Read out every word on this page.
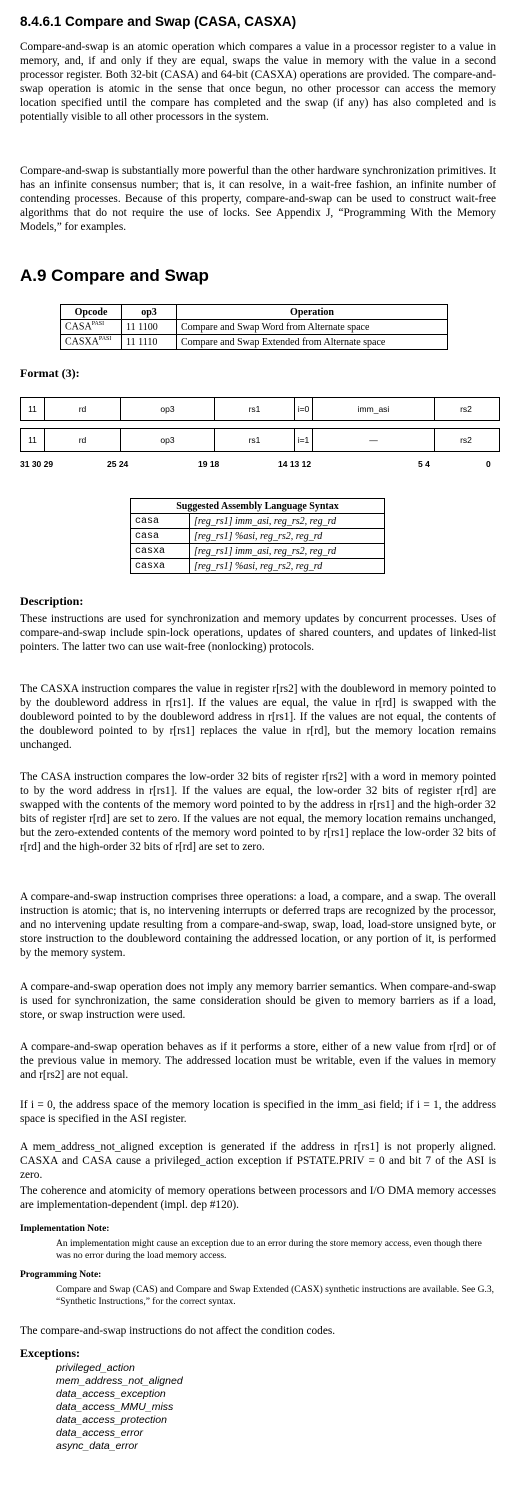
8.4.6.1 Compare and Swap (CASA, CASXA)

Compare-and-swap is an atomic operation which compares a value in a processor register to a value in memory, and, if and only if they are equal, swaps the value in memory with the value in a second processor register. Both 32-bit (CASA) and 64-bit (CASXA) operations are provided. The compare-and-swap operation is atomic in the sense that once begun, no other processor can access the memory location specified until the compare has completed and the swap (if any) has also completed and is potentially visible to all other processors in the system.

Compare-and-swap is substantially more powerful than the other hardware synchronization primitives. It has an infinite consensus number; that is, it can resolve, in a wait-free fashion, an infinite number of contending processes. Because of this property, compare-and-swap can be used to construct wait-free algorithms that do not require the use of locks. See Appendix J, “Programming With the Memory Models,” for examples.

A.9 Compare and Swap
Opcode	op3	Operation
$CASA^{PASI}$	11 1100	Compare and Swap Word from Alternate space
$CASXA^{PASI}$	11 1110	Compare and Swap Extended from Alternate space
Format (3):
11	rd	op3	rs1	i=0	imm_asi	rs2
11	rd	op3	rs1	i=1	—	rs2
31 30 29	25 24	19 18	14 13 12	5 4	0
Suggested Assembly Language Syntax	
casa	[reg_rs1] imm_asi, reg_rs2, reg_rd
casa	[reg_rs1] %asi, reg_rs2, reg_rd
casxa	[reg_rs1] imm_asi, reg_rs2, reg_rd
casxa	[reg_rs1] %asi, reg_rs2, reg_rd
Description:

These instructions are used for synchronization and memory updates by concurrent processes. Uses of compare-and-swap include spin-lock operations, updates of shared counters, and updates of linked-list pointers. The latter two can use wait-free (nonlocking) protocols.

The CASXA instruction compares the value in register r[rs2] with the doubleword in memory pointed to by the doubleword address in r[rs1]. If the values are equal, the value in r[rd] is swapped with the doubleword pointed to by the doubleword address in r[rs1]. If the values are not equal, the contents of the doubleword pointed to by r[rs1] replaces the value in r[rd], but the memory location remains unchanged.

The CASA instruction compares the low-order 32 bits of register r[rs2] with a word in memory pointed to by the word address in r[rs1]. If the values are equal, the low-order 32 bits of register r[rd] are swapped with the contents of the memory word pointed to by the address in r[rs1] and the high-order 32 bits of register r[rd] are set to zero. If the values are not equal, the memory location remains unchanged, but the zero-extended contents of the memory word pointed to by r[rs1] replace the low-order 32 bits of r[rd] and the high-order 32 bits of r[rd] are set to zero.

A compare-and-swap instruction comprises three operations: a load, a compare, and a swap. The overall instruction is atomic; that is, no intervening interrupts or deferred traps are recognized by the processor, and no intervening update resulting from a compare-and-swap, swap, load, load-store unsigned byte, or store instruction to the doubleword containing the addressed location, or any portion of it, is performed by the memory system.

A compare-and-swap operation does not imply any memory barrier semantics. When compare-and-swap is used for synchronization, the same consideration should be given to memory barriers as if a load, store, or swap instruction were used.

A compare-and-swap operation behaves as if it performs a store, either of a new value from r[rd] or of the previous value in memory. The addressed location must be writable, even if the values in memory and r[rs2] are not equal.

If i = 0, the address space of the memory location is specified in the imm_asi field; if i = 1, the address space is specified in the ASI register.

A mem_address_not_aligned exception is generated if the address in r[rs1] is not properly aligned. CASXA and CASA cause a privileged_action exception if PSTATE.PRIV = 0 and bit 7 of the ASI is zero.

The coherence and atomicity of memory operations between processors and I/O DMA memory accesses are implementation-dependent (impl. dep #120).

Implementation Note:
An implementation might cause an exception due to an error during the store memory access, even though there was no error during the load memory access.
Programming Note:
Compare and Swap (CAS) and Compare and Swap Extended (CASX) synthetic instructions are available. See G.3, “Synthetic Instructions,” for the correct syntax.

The compare-and-swap instructions do not affect the condition codes.

Exceptions:
privileged_action
mem_address_not_aligned
data_access_exception
data_access_MMU_miss
data_access_protection
data_access_error
async_data_error
